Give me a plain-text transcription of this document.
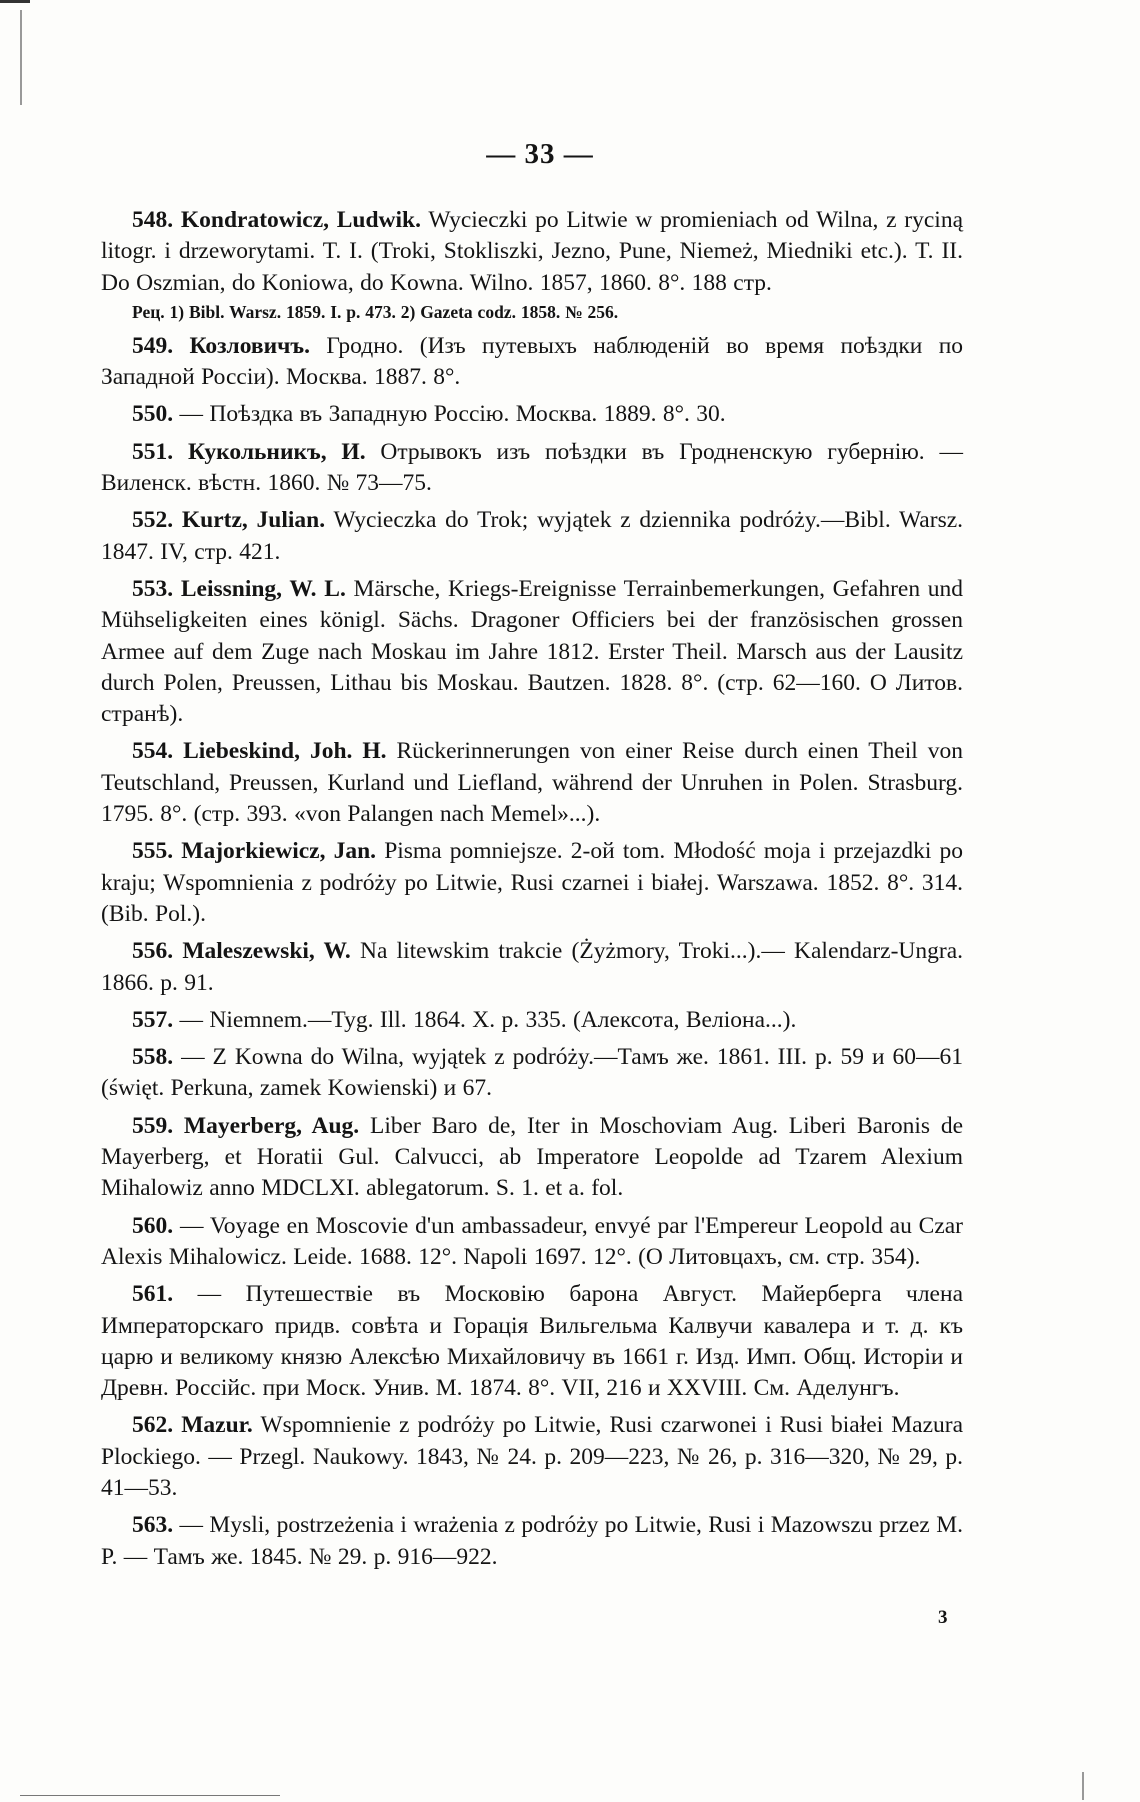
— 33 —

548. Kondratowicz, Ludwik. Wycieczki po Litwie w promieniach od Wilna, z ryciną litogr. i drzeworytami. T. I. (Troki, Stokliszki, Jezno, Pune, Niemeż, Miedniki etc.). T. II. Do Oszmian, do Koniowa, do Kowna. Wilno. 1857, 1860. 8°. 188 стр.
Рец. 1) Bibl. Warsz. 1859. I. p. 473. 2) Gazeta codz. 1858. № 256.

549. Козловичъ. Гродно. (Изъ путевыхъ наблюденій во время поѣздки по Западной Россіи). Москва. 1887. 8°.

550. — Поѣздка въ Западную Россію. Москва. 1889. 8°. 30.

551. Кукольникъ, И. Отрывокъ изъ поѣздки въ Гродненскую губернію. — Виленск. вѣстн. 1860. № 73—75.

552. Kurtz, Julian. Wycieczka do Trok; wyjątek z dziennika podróży.—Bibl. Warsz. 1847. IV, стр. 421.

553. Leissning, W. L. Märsche, Kriegs-Ereignisse Terrainbemerkungen, Gefahren und Mühseligkeiten eines königl. Sächs. Dragoner Officiers bei der französischen grossen Armee auf dem Zuge nach Moskau im Jahre 1812. Erster Theil. Marsch aus der Lausitz durch Polen, Preussen, Lithau bis Moskau. Bautzen. 1828. 8°. (стр. 62—160. О Литов. странѣ).

554. Liebeskind, Joh. H. Rückerinnerungen von einer Reise durch einen Theil von Teutschland, Preussen, Kurland und Liefland, während der Unruhen in Polen. Strasburg. 1795. 8°. (стр. 393. «von Palangen nach Memel»...).

555. Majorkiewicz, Jan. Pisma pomniejsze. 2-ой tom. Młodość moja i przejazdki po kraju; Wspomnienia z podróży po Litwie, Rusi czarnei i białej. Warszawa. 1852. 8°. 314. (Bib. Pol.).

556. Maleszewski, W. Na litewskim trakcie (Żyżmory, Troki...).— Kalendarz-Ungra. 1866. p. 91.

557. — Niemnem.—Tyg. Ill. 1864. X. p. 335. (Алексота, Веліона...).

558. — Z Kowna do Wilna, wyjątek z podróży.—Тамъ же. 1861. III. p. 59 и 60—61 (święt. Perkuna, zamek Kowienski) и 67.

559. Mayerberg, Aug. Liber Baro de, Iter in Moschoviam Aug. Liberi Baronis de Mayerberg, et Horatii Gul. Calvucci, ab Imperatore Leopolde ad Tzarem Alexium Mihalowiz anno MDCLXI. ablegatorum. S. 1. et a. fol.

560. — Voyage en Moscovie d'un ambassadeur, envyé par l'Empereur Leopold au Czar Alexis Mihalowicz. Leide. 1688. 12°. Napoli 1697. 12°. (О Литовцахъ, см. стр. 354).

561. — Путешествіе въ Московію барона Август. Майерберга члена Императорскаго придв. совѣта и Горація Вильгельма Калвучи кавалера и т. д. къ царю и великому князю Алексѣю Михайловичу въ 1661 г. Изд. Имп. Общ. Исторіи и Древн. Россійс. при Моск. Унив. М. 1874. 8°. VII, 216 и XXVIII. См. Аделунгъ.

562. Mazur. Wspomnienie z podróży po Litwie, Rusi czarwonei i Rusi białei Mazura Plockiego. — Przegl. Naukowy. 1843, № 24. p. 209—223, № 26, p. 316—320, № 29, p. 41—53.

563. — Mysli, postrzeżenia i wrażenia z podróży po Litwie, Rusi i Mazowszu przez M. P. — Тамъ же. 1845. № 29. p. 916—922.

3
